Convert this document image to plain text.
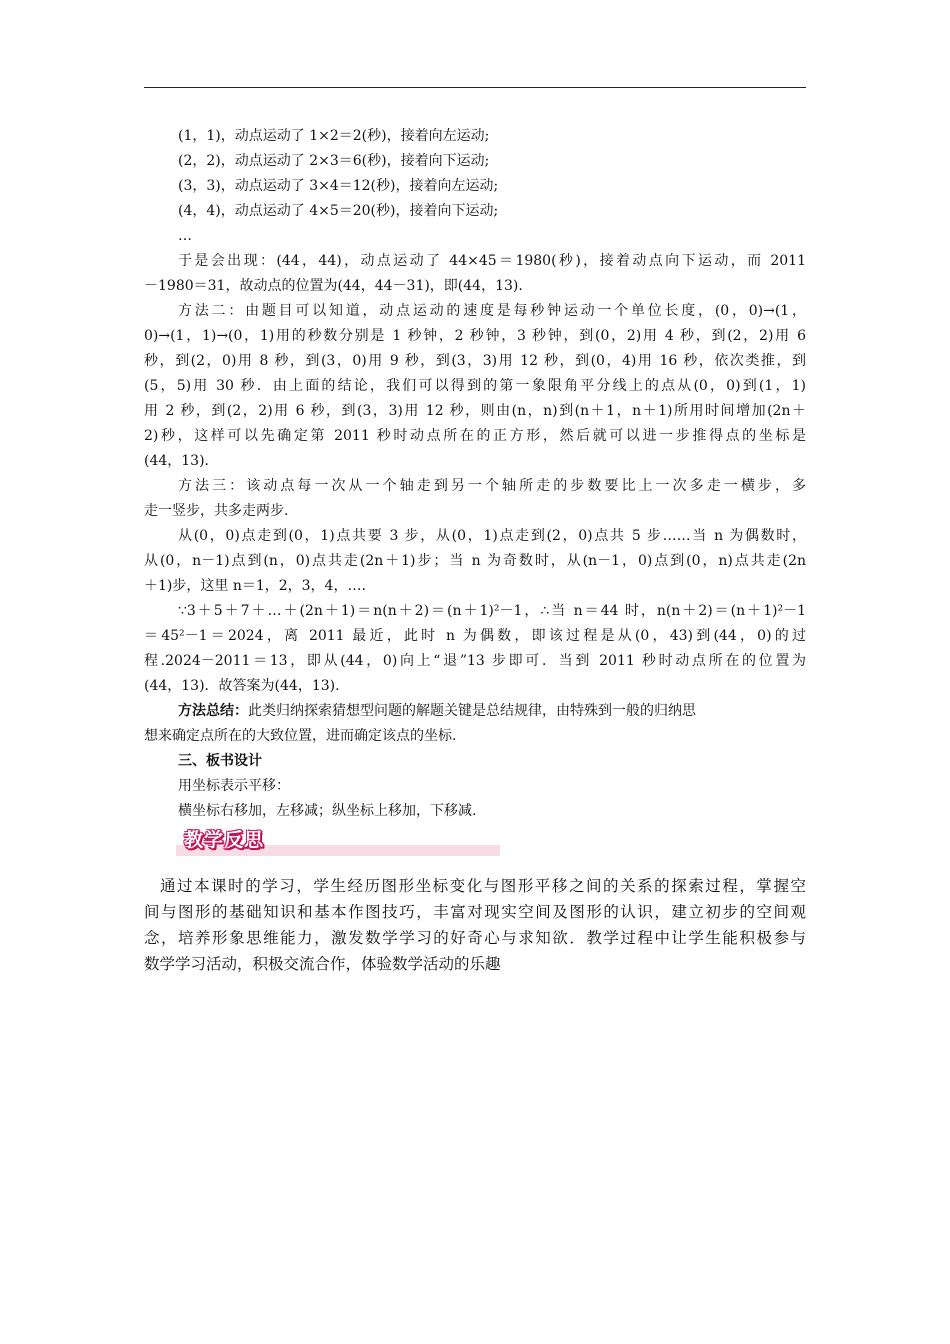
(1，1)，动点运动了 1×2＝2(秒)，接着向左运动;
(2，2)，动点运动了 2×3＝6(秒)，接着向下运动;
(3，3)，动点运动了 3×4＝12(秒)，接着向左运动;
(4，4)，动点运动了 4×5＝20(秒)，接着向下运动;
…
于是会出现：(44，44)，动点运动了 44×45＝1980(秒)，接着动点向下运动，而 2011
－1980＝31，故动点的位置为(44，44－31)，即(44，13).
方法二：由题目可以知道，动点运动的速度是每秒钟运动一个单位长度，(0，0)→(1，
0)→(1，1)→(0，1)用的秒数分别是 1 秒钟，2 秒钟，3 秒钟，到(0，2)用 4 秒，到(2，2)用 6
秒，到(2，0)用 8 秒，到(3，0)用 9 秒，到(3，3)用 12 秒，到(0，4)用 16 秒，依次类推，到
(5，5)用 30 秒．由上面的结论，我们可以得到的第一象限角平分线上的点从(0，0)到(1，1)
用 2 秒，到(2，2)用 6 秒，到(3，3)用 12 秒，则由(n，n)到(n＋1，n＋1)所用时间增加(2n＋
2)秒，这样可以先确定第 2011 秒时动点所在的正方形，然后就可以进一步推得点的坐标是
(44，13).
方法三：该动点每一次从一个轴走到另一个轴所走的步数要比上一次多走一横步，多
走一竖步，共多走两步.
从(0，0)点走到(0，1)点共要 3 步，从(0，1)点走到(2，0)点共 5 步……当 n 为偶数时，
从(0，n－1)点到(n，0)点共走(2n＋1)步；当 n 为奇数时，从(n－1，0)点到(0，n)点共走(2n
＋1)步，这里 n＝1，2，3，4，….
∵3＋5＋7＋…＋(2n＋1)＝n(n＋2)＝(n＋1)²－1，∴当 n＝44 时，n(n＋2)＝(n＋1)²－1
＝45²－1＝2024，离 2011 最近，此时 n 为偶数，即该过程是从(0，43)到(44，0)的过
程.2024－2011＝13，即从(44，0)向上“退”13 步即可．当到 2011 秒时动点所在的位置为
(44，13)．故答案为(44，13).
方法总结：此类归纳探索猜想型问题的解题关键是总结规律，由特殊到一般的归纳思
想来确定点所在的大致位置，进而确定该点的坐标.
三、板书设计
用坐标表示平移：
横坐标右移加，左移减；纵坐标上移加，下移减.
教学反思
通过本课时的学习，学生经历图形坐标变化与图形平移之间的关系的探索过程，掌握空
间与图形的基础知识和基本作图技巧，丰富对现实空间及图形的认识，建立初步的空间观
念，培养形象思维能力，激发数学学习的好奇心与求知欲．教学过程中让学生能积极参与
数学学习活动，积极交流合作，体验数学活动的乐趣
